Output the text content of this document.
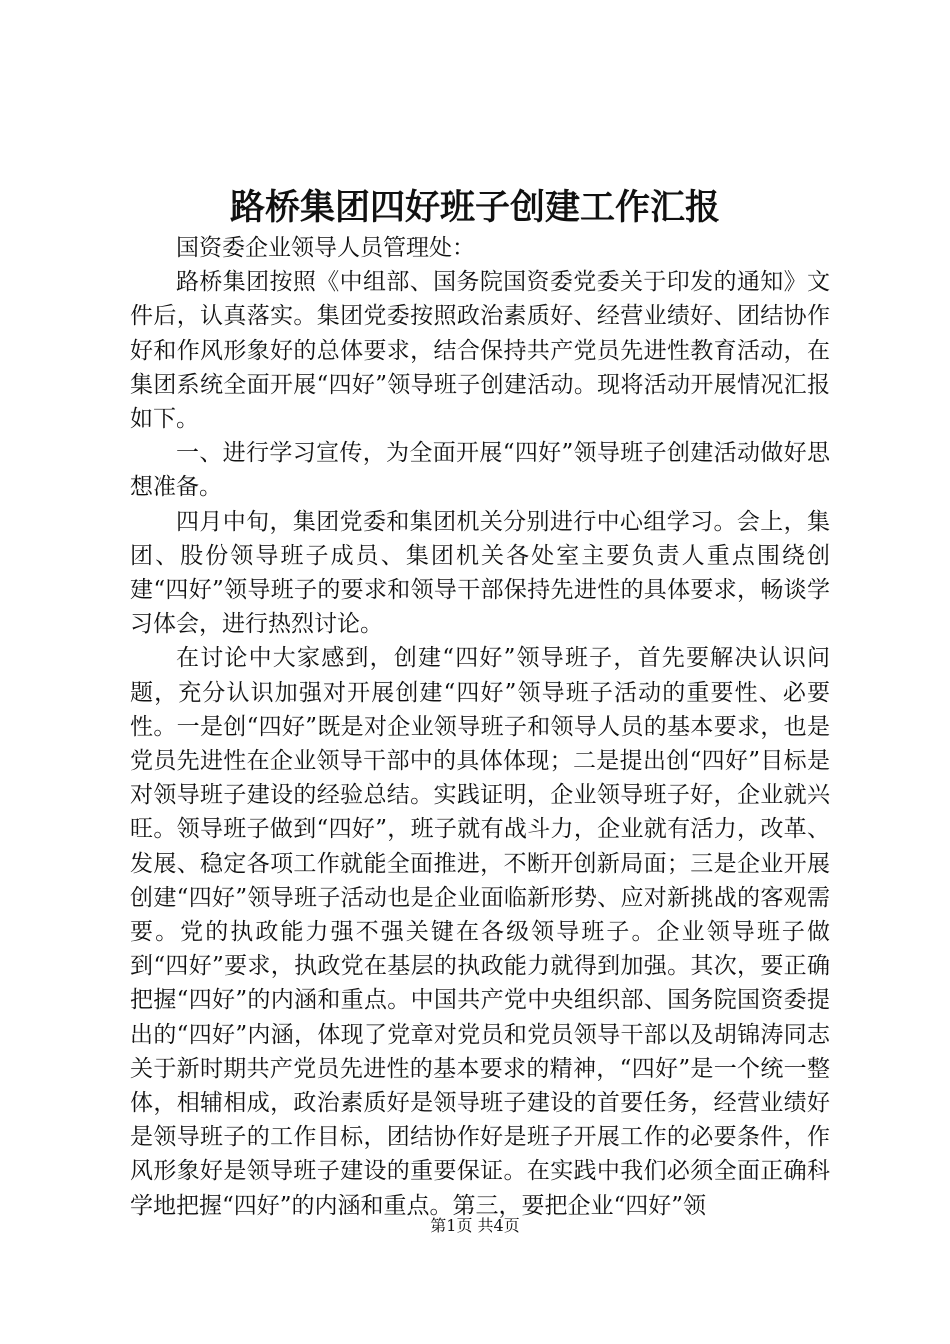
路桥集团四好班子创建工作汇报

国资委企业领导人员管理处：

路桥集团按照《中组部、国务院国资委党委关于印发的通知》文件后，认真落实。集团党委按照政治素质好、经营业绩好、团结协作好和作风形象好的总体要求，结合保持共产党员先进性教育活动，在集团系统全面开展“四好”领导班子创建活动。现将活动开展情况汇报如下。

一、进行学习宣传，为全面开展“四好”领导班子创建活动做好思想准备。

四月中旬，集团党委和集团机关分别进行中心组学习。会上，集团、股份领导班子成员、集团机关各处室主要负责人重点围绕创建“四好”领导班子的要求和领导干部保持先进性的具体要求，畅谈学习体会，进行热烈讨论。

在讨论中大家感到，创建“四好”领导班子，首先要解决认识问题，充分认识加强对开展创建“四好”领导班子活动的重要性、必要性。一是创“四好”既是对企业领导班子和领导人员的基本要求，也是党员先进性在企业领导干部中的具体体现；二是提出创“四好”目标是对领导班子建设的经验总结。实践证明，企业领导班子好，企业就兴旺。领导班子做到“四好”，班子就有战斗力，企业就有活力，改革、发展、稳定各项工作就能全面推进，不断开创新局面；三是企业开展创建“四好”领导班子活动也是企业面临新形势、应对新挑战的客观需要。党的执政能力强不强关键在各级领导班子。企业领导班子做到“四好”要求，执政党在基层的执政能力就得到加强。其次，要正确把握“四好”的内涵和重点。中国共产党中央组织部、国务院国资委提出的“四好”内涵，体现了党章对党员和党员领导干部以及胡锦涛同志关于新时期共产党员先进性的基本要求的精神，“四好”是一个统一整体，相辅相成，政治素质好是领导班子建设的首要任务，经营业绩好是领导班子的工作目标，团结协作好是班子开展工作的必要条件，作风形象好是领导班子建设的重要保证。在实践中我们必须全面正确科学地把握“四好”的内涵和重点。第三，要把企业“四好”领

第1页 共4页
